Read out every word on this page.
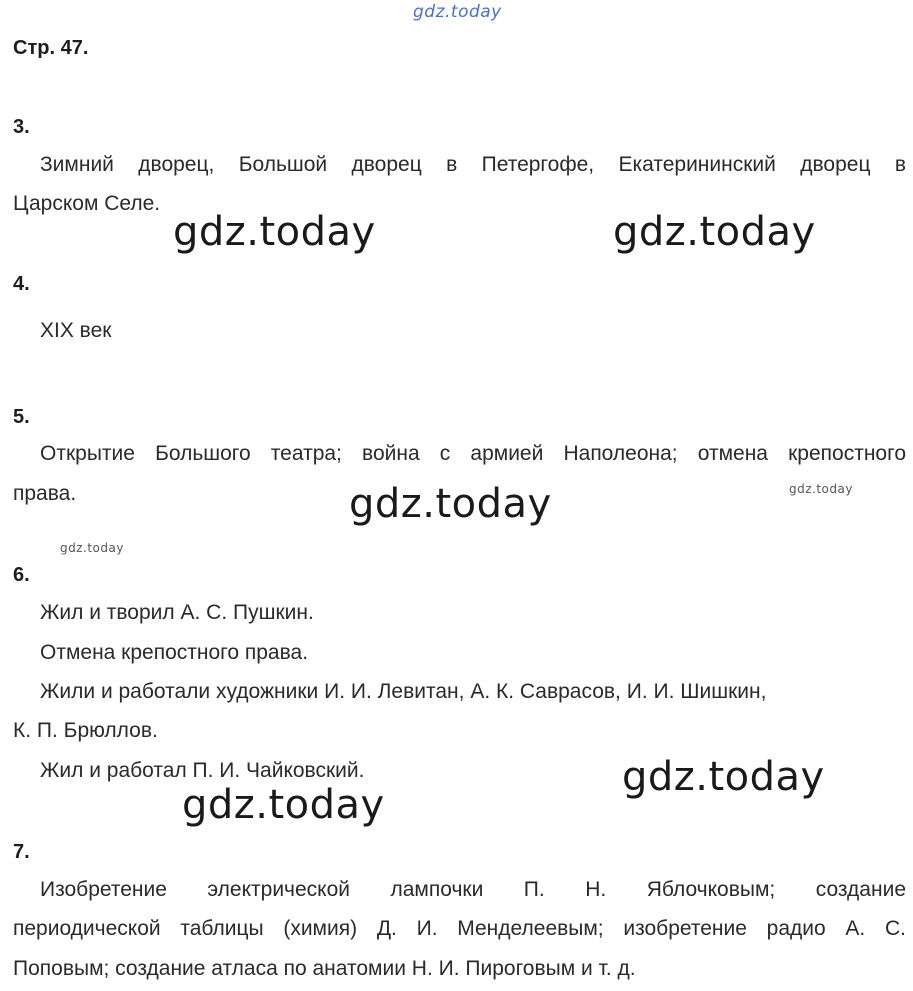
gdz.today
gdz.today	gdz.today
gdz.today	gdz.today
gdz.today
gdz.today
gdz.today
Стр. 47.
3.
Зимний дворец, Большой дворец в Петергофе, Екатерининский дворец в
Царском Селе.
4.
XIX век
5.
Открытие Большого театра; война с армией Наполеона; отмена крепостного
права.
6.
Жил и творил А. С. Пушкин.
Отмена крепостного права.
Жили и работали художники И. И. Левитан, А. К. Саврасов, И. И. Шишкин,
К. П. Брюллов.
Жил и работал П. И. Чайковский.
7.
Изобретение электрической лампочки П. Н. Яблочковым; создание
периодической таблицы (химия) Д. И. Менделеевым; изобретение радио А. С.
Поповым; создание атласа по анатомии Н. И. Пироговым и т. д.
